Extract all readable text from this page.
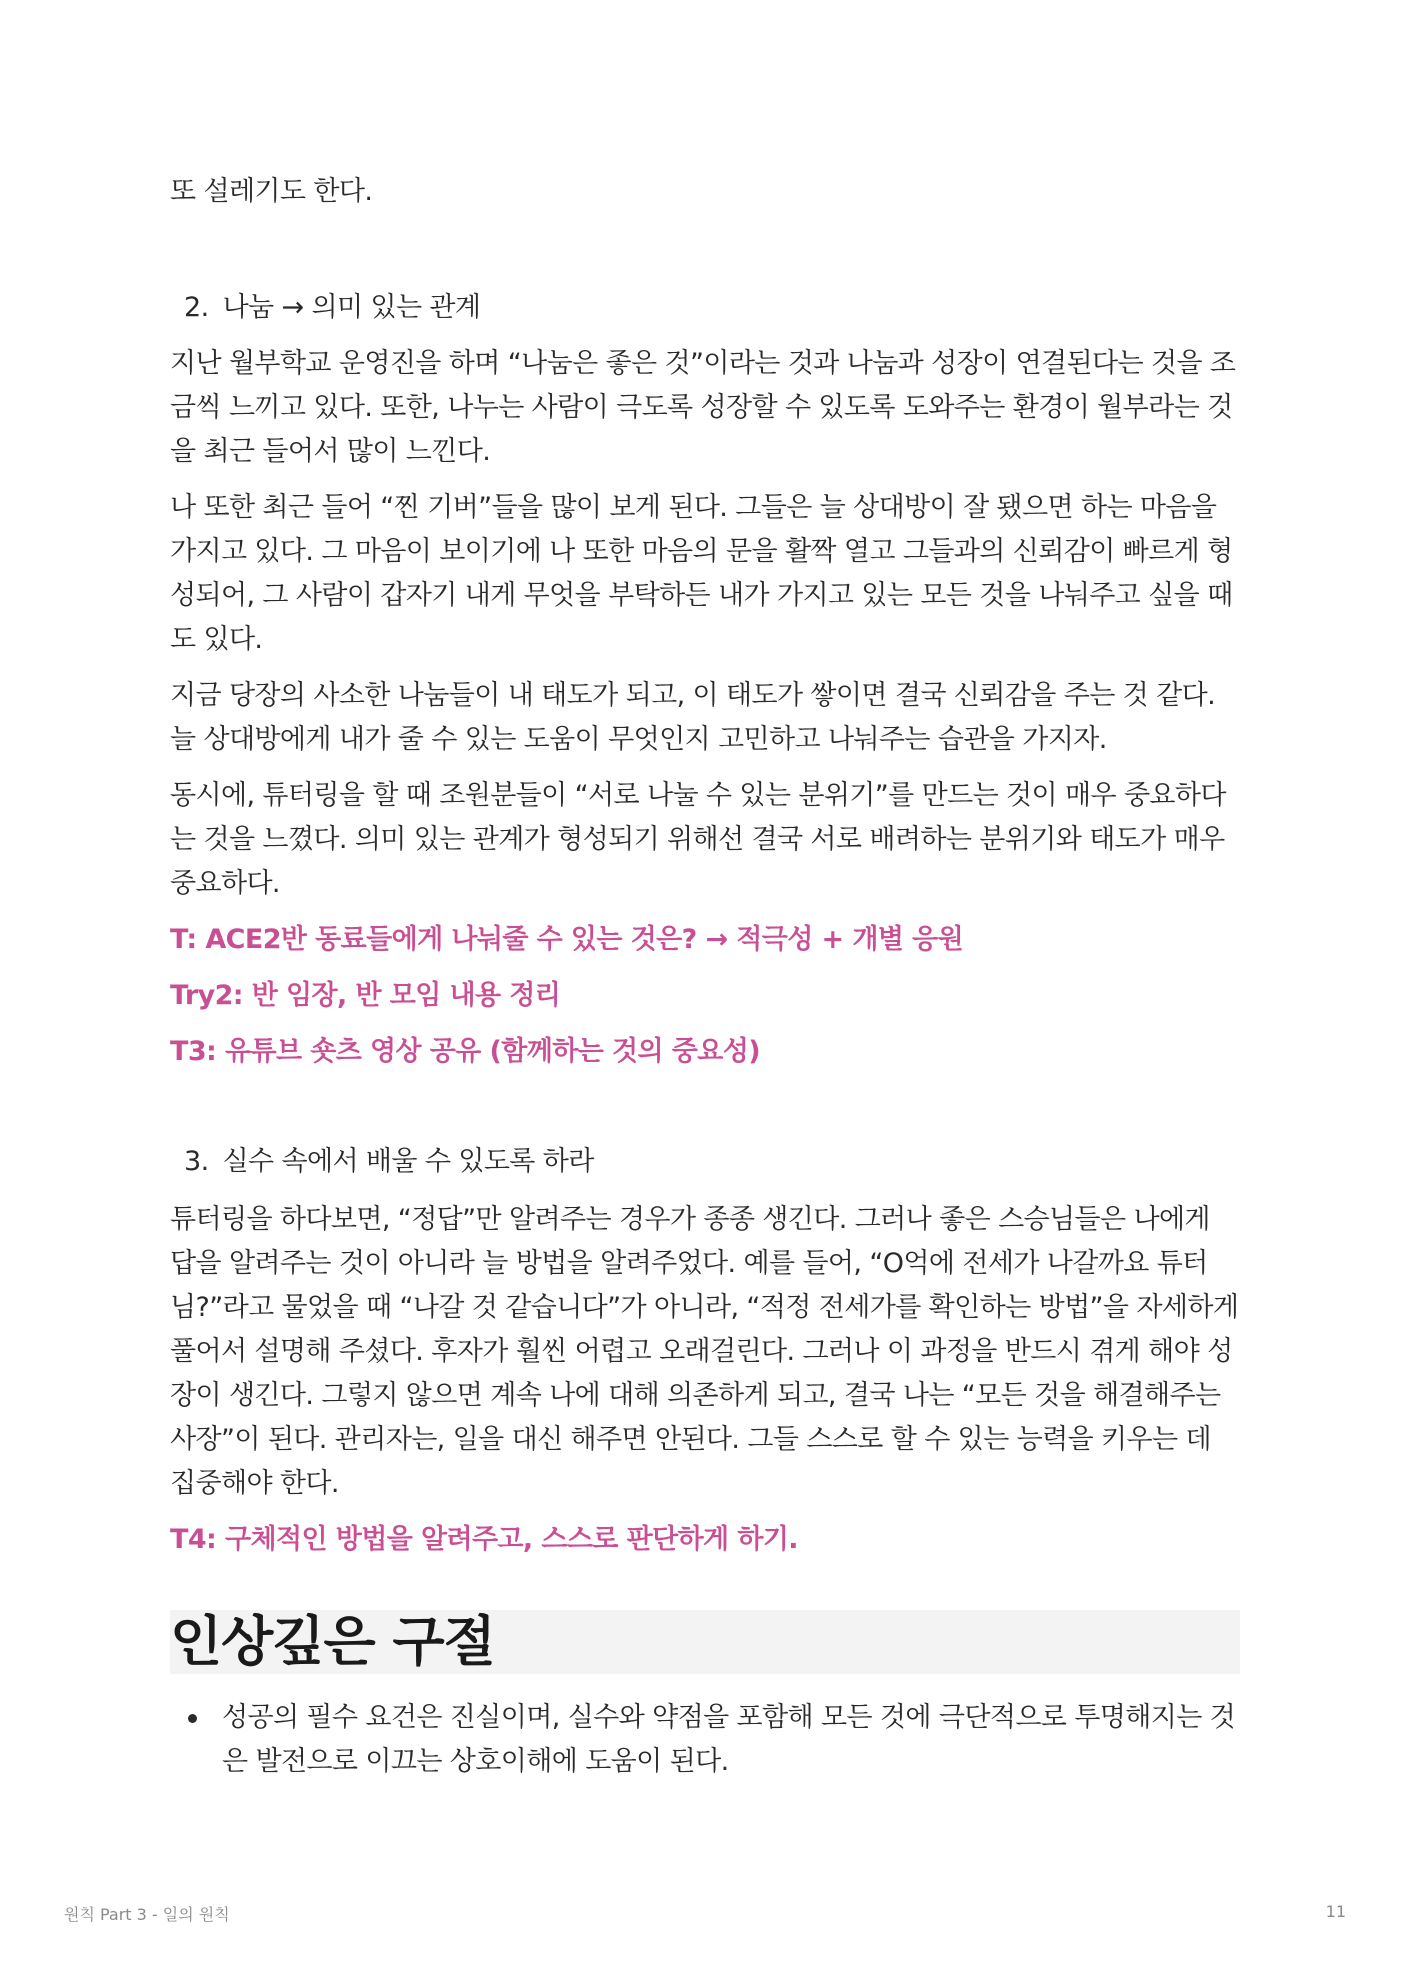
또 설레기도 한다.

2. 나눔 → 의미 있는 관계

지난 월부학교 운영진을 하며 “나눔은 좋은 것”이라는 것과 나눔과 성장이 연결된다는 것을 조금씩 느끼고 있다. 또한, 나누는 사람이 극도록 성장할 수 있도록 도와주는 환경이 월부라는 것을 최근 들어서 많이 느낀다.

나 또한 최근 들어 “찐 기버”들을 많이 보게 된다. 그들은 늘 상대방이 잘 됐으면 하는 마음을 가지고 있다. 그 마음이 보이기에 나 또한 마음의 문을 활짝 열고 그들과의 신뢰감이 빠르게 형성되어, 그 사람이 갑자기 내게 무엇을 부탁하든 내가 가지고 있는 모든 것을 나눠주고 싶을 때도 있다.

지금 당장의 사소한 나눔들이 내 태도가 되고, 이 태도가 쌓이면 결국 신뢰감을 주는 것 같다. 늘 상대방에게 내가 줄 수 있는 도움이 무엇인지 고민하고 나눠주는 습관을 가지자.

동시에, 튜터링을 할 때 조원분들이 “서로 나눌 수 있는 분위기”를 만드는 것이 매우 중요하다는 것을 느꼈다. 의미 있는 관계가 형성되기 위해선 결국 서로 배려하는 분위기와 태도가 매우 중요하다.

T: ACE2반 동료들에게 나눠줄 수 있는 것은? → 적극성 + 개별 응원

Try2: 반 임장, 반 모임 내용 정리

T3: 유튜브 숏츠 영상 공유 (함께하는 것의 중요성)

3. 실수 속에서 배울 수 있도록 하라

튜터링을 하다보면, “정답”만 알려주는 경우가 종종 생긴다. 그러나 좋은 스승님들은 나에게 답을 알려주는 것이 아니라 늘 방법을 알려주었다. 예를 들어, “O억에 전세가 나갈까요 튜터님?”라고 물었을 때 “나갈 것 같습니다”가 아니라, “적정 전세가를 확인하는 방법”을 자세하게 풀어서 설명해 주셨다. 후자가 훨씬 어렵고 오래걸린다. 그러나 이 과정을 반드시 겪게 해야 성장이 생긴다. 그렇지 않으면 계속 나에 대해 의존하게 되고, 결국 나는 “모든 것을 해결해주는 사장”이 된다. 관리자는, 일을 대신 해주면 안된다. 그들 스스로 할 수 있는 능력을 키우는 데 집중해야 한다.

T4: 구체적인 방법을 알려주고, 스스로 판단하게 하기.

인상깊은 구절

성공의 필수 요건은 진실이며, 실수와 약점을 포함해 모든 것에 극단적으로 투명해지는 것은 발전으로 이끄는 상호이해에 도움이 된다.

원칙 Part 3 - 일의 원칙	11
